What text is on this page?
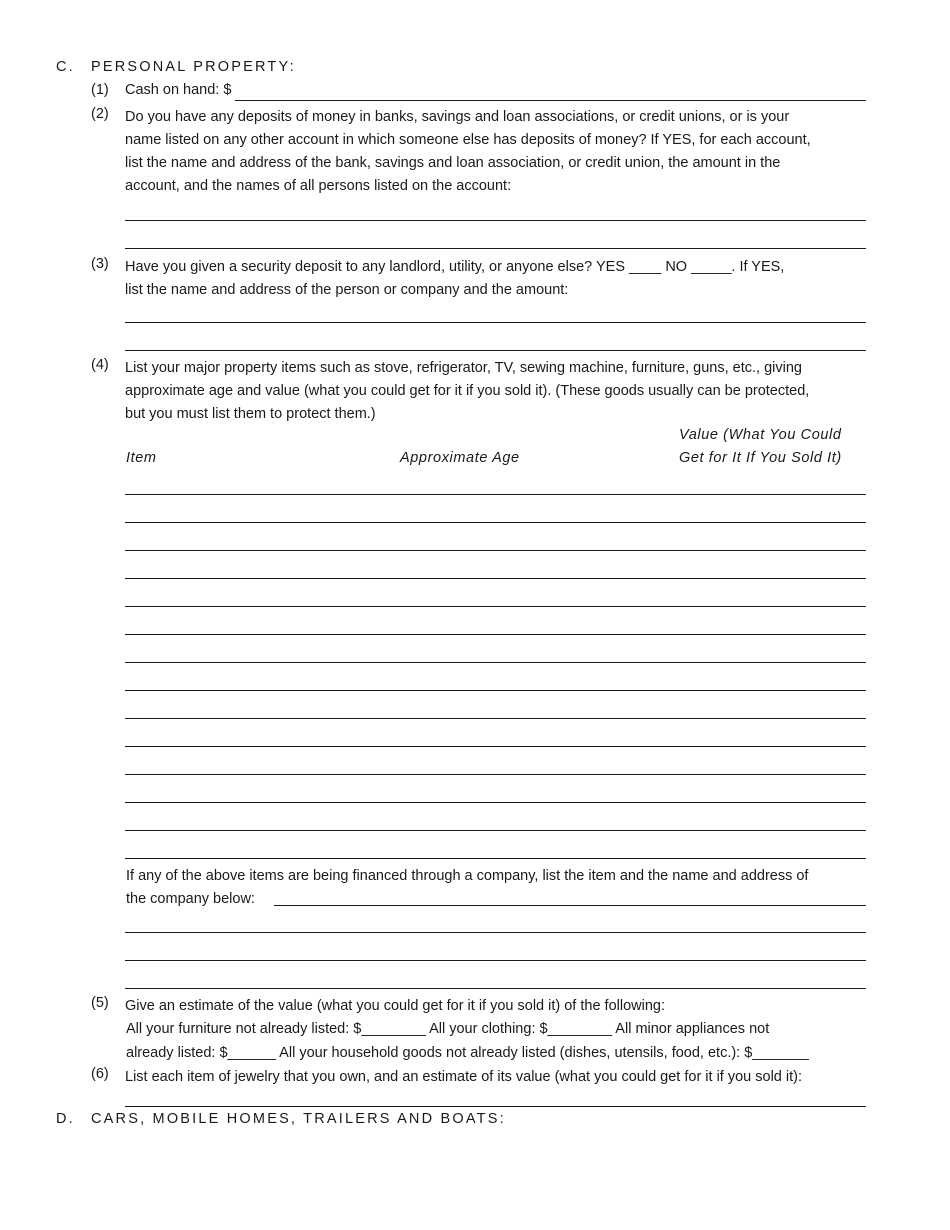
C. PERSONAL PROPERTY:
(1) Cash on hand: $
(2) Do you have any deposits of money in banks, savings and loan associations, or credit unions, or is your
name listed on any other account in which someone else has deposits of money? If YES, for each account,
list the name and address of the bank, savings and loan association, or credit union, the amount in the
account, and the names of all persons listed on the account:
(3) Have you given a security deposit to any landlord, utility, or anyone else? YES ____ NO _____. If YES,
list the name and address of the person or company and the amount:
(4) List your major property items such as stove, refrigerator, TV, sewing machine, furniture, guns, etc., giving
approximate age and value (what you could get for it if you sold it). (These goods usually can be protected,
but you must list them to protect them.)
Value (What You Could
Item	Approximate Age	Get for It If You Sold It)
If any of the above items are being financed through a company, list the item and the name and address of
the company below:
(5) Give an estimate of the value (what you could get for it if you sold it) of the following:
All your furniture not already listed: $________ All your clothing: $________ All minor appliances not
already listed: $______ All your household goods not already listed (dishes, utensils, food, etc.): $_______
(6) List each item of jewelry that you own, and an estimate of its value (what you could get for it if you sold it):
D. CARS, MOBILE HOMES, TRAILERS AND BOATS:
